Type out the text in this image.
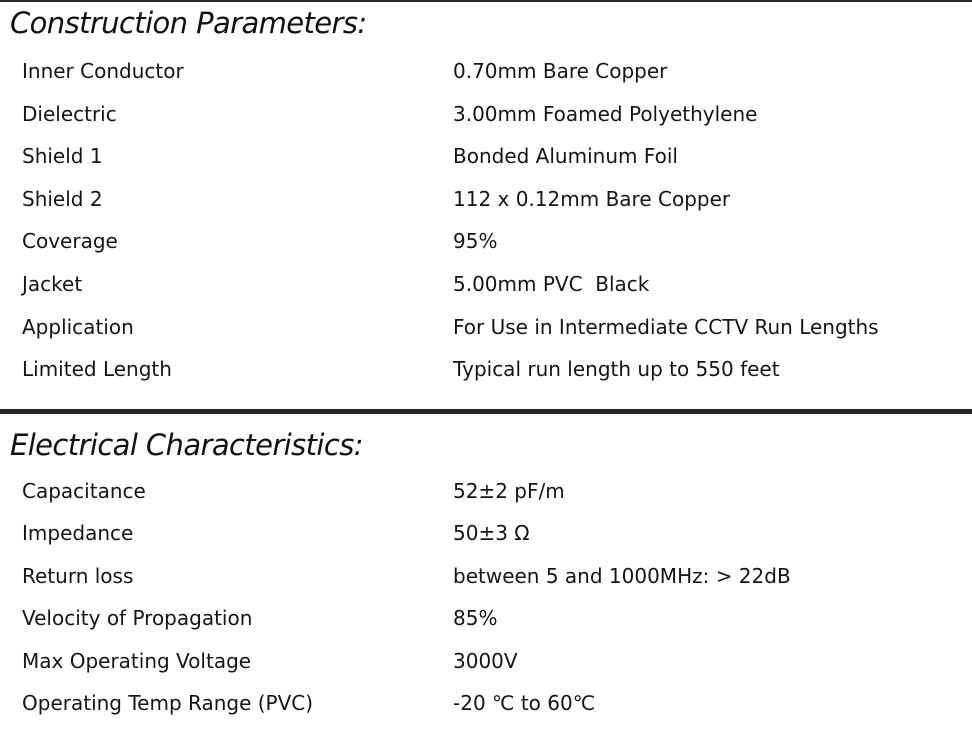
Construction Parameters:
Inner Conductor	0.70mm Bare Copper
Dielectric	3.00mm Foamed Polyethylene
Shield 1	Bonded Aluminum Foil
Shield 2	112 x 0.12mm Bare Copper
Coverage	95%
Jacket	5.00mm PVC  Black
Application	For Use in Intermediate CCTV Run Lengths
Limited Length	Typical run length up to 550 feet
Electrical Characteristics:
Capacitance	52±2 pF/m
Impedance	50±3 Ω
Return loss	between 5 and 1000MHz: > 22dB
Velocity of Propagation	85%
Max Operating Voltage	3000V
Operating Temp Range (PVC)	-20 ℃ to 60℃
